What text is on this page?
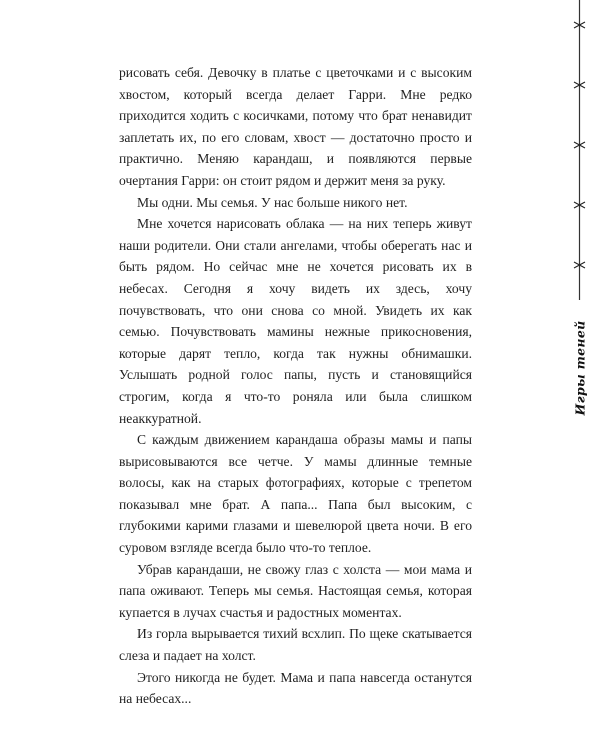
рисовать себя. Девочку в платье с цветочками и с высоким хвостом, который всегда делает Гарри. Мне редко приходится ходить с косичками, потому что брат ненавидит заплетать их, по его словам, хвост — достаточно просто и практично. Меняю карандаш, и появляются первые очертания Гарри: он стоит рядом и держит меня за руку.

Мы одни. Мы семья. У нас больше никого нет.

Мне хочется нарисовать облака — на них теперь живут наши родители. Они стали ангелами, чтобы оберегать нас и быть рядом. Но сейчас мне не хочется рисовать их в небесах. Сегодня я хочу видеть их здесь, хочу почувствовать, что они снова со мной. Увидеть их как семью. Почувствовать мамины нежные прикосновения, которые дарят тепло, когда так нужны обнимашки. Услышать родной голос папы, пусть и становящийся строгим, когда я что-то роняла или была слишком неаккуратной.

С каждым движением карандаша образы мамы и папы вырисовываются все четче. У мамы длинные темные волосы, как на старых фотографиях, которые с трепетом показывал мне брат. А папа... Папа был высоким, с глубокими карими глазами и шевелюрой цвета ночи. В его суровом взгляде всегда было что-то теплое.

Убрав карандаши, не свожу глаз с холста — мои мама и папа оживают. Теперь мы семья. Настоящая семья, которая купается в лучах счастья и радостных моментах.

Из горла вырывается тихий всхлип. По щеке скатывается слеза и падает на холст.

Этого никогда не будет. Мама и папа навсегда останутся на небесах...

Игры теней
